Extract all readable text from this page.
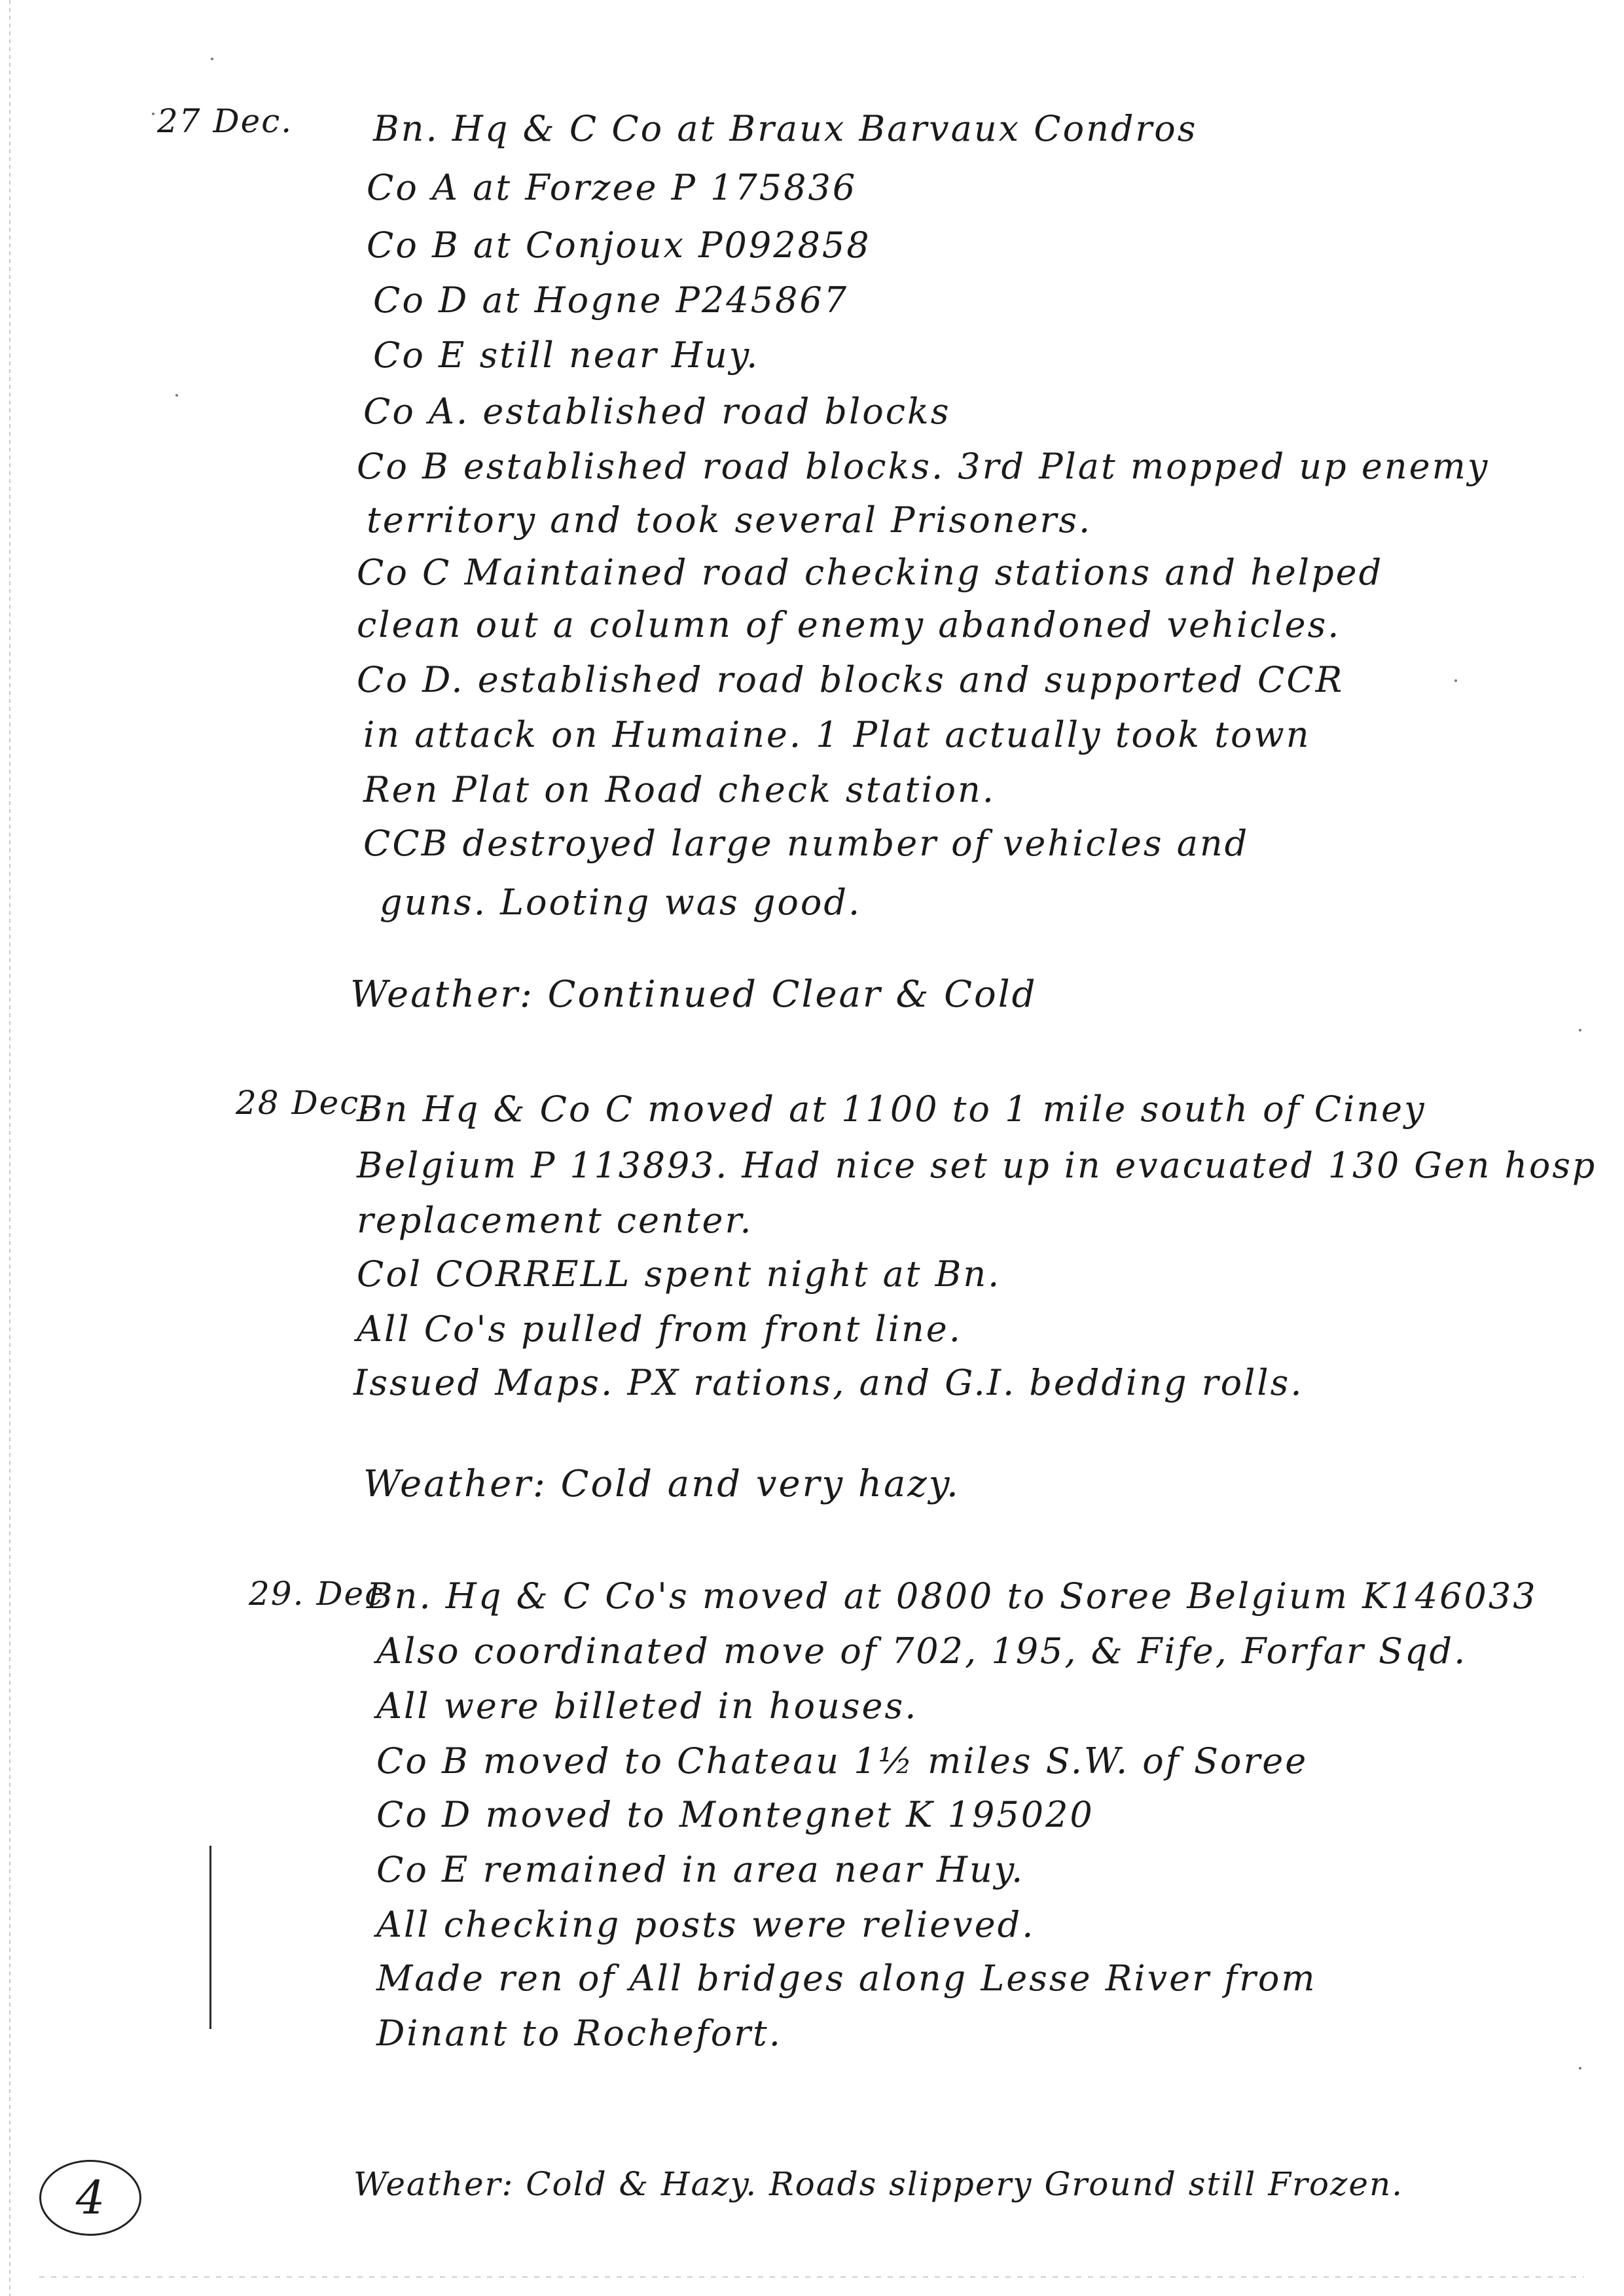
27 Dec. Bn. Hq & C Co at Braux Barvaux Condros
Co A at Forzee P 175836
Co B at Conjoux P092858
Co D at Hogne P245867
Co E still near Huy.
Co A. established road blocks
Co B established road blocks. 3rd Plat mopped up enemy
territory and took several Prisoners.
Co C Maintained road checking stations and helped
clean out a column of enemy abandoned vehicles.
Co D. established road blocks and supported CCR
in attack on Humaine. 1 Plat actually took town
Ren Plat on Road check station.
CCB destroyed large number of vehicles and
guns. Looting was good.
Weather: Continued Clear & Cold
28 Dec.
Bn Hq & Co C moved at 1100 to 1 mile south of Ciney
Belgium P 113893. Had nice set up in evacuated 130 Gen hosp
replacement center.
Col CORRELL spent night at Bn.
All Co's pulled from front line.
Issued Maps. PX rations, and G.I. bedding rolls.
Weather: Cold and very hazy.
29. Dec
Bn. Hq & C Co's moved at 0800 to Soree Belgium K146033
Also coordinated move of 702, 195, & Fife, Forfar Sqd.
All were billeted in houses.
Co B moved to Chateau 1½ miles S.W. of Soree
Co D moved to Montegnet K 195020
Co E remained in area near Huy.
All checking posts were relieved.
Made ren of All bridges along Lesse River from
Dinant to Rochefort.
Weather: Cold & Hazy. Roads slippery Ground still Frozen.
4
